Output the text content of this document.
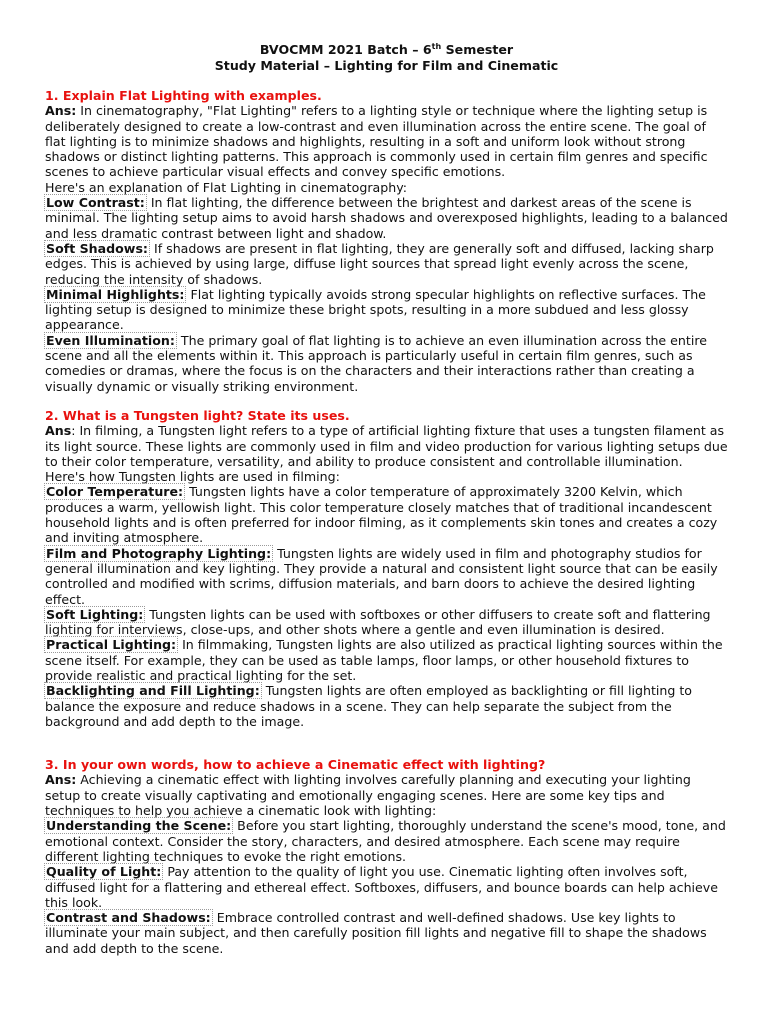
BVOCMM 2021 Batch – 6th Semester
Study Material – Lighting for Film and Cinematic
1. Explain Flat Lighting with examples.

Ans: In cinematography, "Flat Lighting" refers to a lighting style or technique where the lighting setup is deliberately designed to create a low-contrast and even illumination across the entire scene. The goal of flat lighting is to minimize shadows and highlights, resulting in a soft and uniform look without strong shadows or distinct lighting patterns. This approach is commonly used in certain film genres and specific scenes to achieve particular visual effects and convey specific emotions.

Here's an explanation of Flat Lighting in cinematography:

Low Contrast: In flat lighting, the difference between the brightest and darkest areas of the scene is minimal. The lighting setup aims to avoid harsh shadows and overexposed highlights, leading to a balanced and less dramatic contrast between light and shadow.

Soft Shadows: If shadows are present in flat lighting, they are generally soft and diffused, lacking sharp edges. This is achieved by using large, diffuse light sources that spread light evenly across the scene, reducing the intensity of shadows.

Minimal Highlights: Flat lighting typically avoids strong specular highlights on reflective surfaces. The lighting setup is designed to minimize these bright spots, resulting in a more subdued and less glossy appearance.

Even Illumination: The primary goal of flat lighting is to achieve an even illumination across the entire scene and all the elements within it. This approach is particularly useful in certain film genres, such as comedies or dramas, where the focus is on the characters and their interactions rather than creating a visually dynamic or visually striking environment.

2. What is a Tungsten light? State its uses.

Ans: In filming, a Tungsten light refers to a type of artificial lighting fixture that uses a tungsten filament as its light source. These lights are commonly used in film and video production for various lighting setups due to their color temperature, versatility, and ability to produce consistent and controllable illumination.

Here's how Tungsten lights are used in filming:

Color Temperature: Tungsten lights have a color temperature of approximately 3200 Kelvin, which produces a warm, yellowish light. This color temperature closely matches that of traditional incandescent household lights and is often preferred for indoor filming, as it complements skin tones and creates a cozy and inviting atmosphere.

Film and Photography Lighting: Tungsten lights are widely used in film and photography studios for general illumination and key lighting. They provide a natural and consistent light source that can be easily controlled and modified with scrims, diffusion materials, and barn doors to achieve the desired lighting effect.

Soft Lighting: Tungsten lights can be used with softboxes or other diffusers to create soft and flattering lighting for interviews, close-ups, and other shots where a gentle and even illumination is desired.

Practical Lighting: In filmmaking, Tungsten lights are also utilized as practical lighting sources within the scene itself. For example, they can be used as table lamps, floor lamps, or other household fixtures to provide realistic and practical lighting for the set.

Backlighting and Fill Lighting: Tungsten lights are often employed as backlighting or fill lighting to balance the exposure and reduce shadows in a scene. They can help separate the subject from the background and add depth to the image.

3. In your own words, how to achieve a Cinematic effect with lighting?

Ans: Achieving a cinematic effect with lighting involves carefully planning and executing your lighting setup to create visually captivating and emotionally engaging scenes. Here are some key tips and techniques to help you achieve a cinematic look with lighting:

Understanding the Scene: Before you start lighting, thoroughly understand the scene's mood, tone, and emotional context. Consider the story, characters, and desired atmosphere. Each scene may require different lighting techniques to evoke the right emotions.

Quality of Light: Pay attention to the quality of light you use. Cinematic lighting often involves soft, diffused light for a flattering and ethereal effect. Softboxes, diffusers, and bounce boards can help achieve this look.

Contrast and Shadows: Embrace controlled contrast and well-defined shadows. Use key lights to illuminate your main subject, and then carefully position fill lights and negative fill to shape the shadows and add depth to the scene.
